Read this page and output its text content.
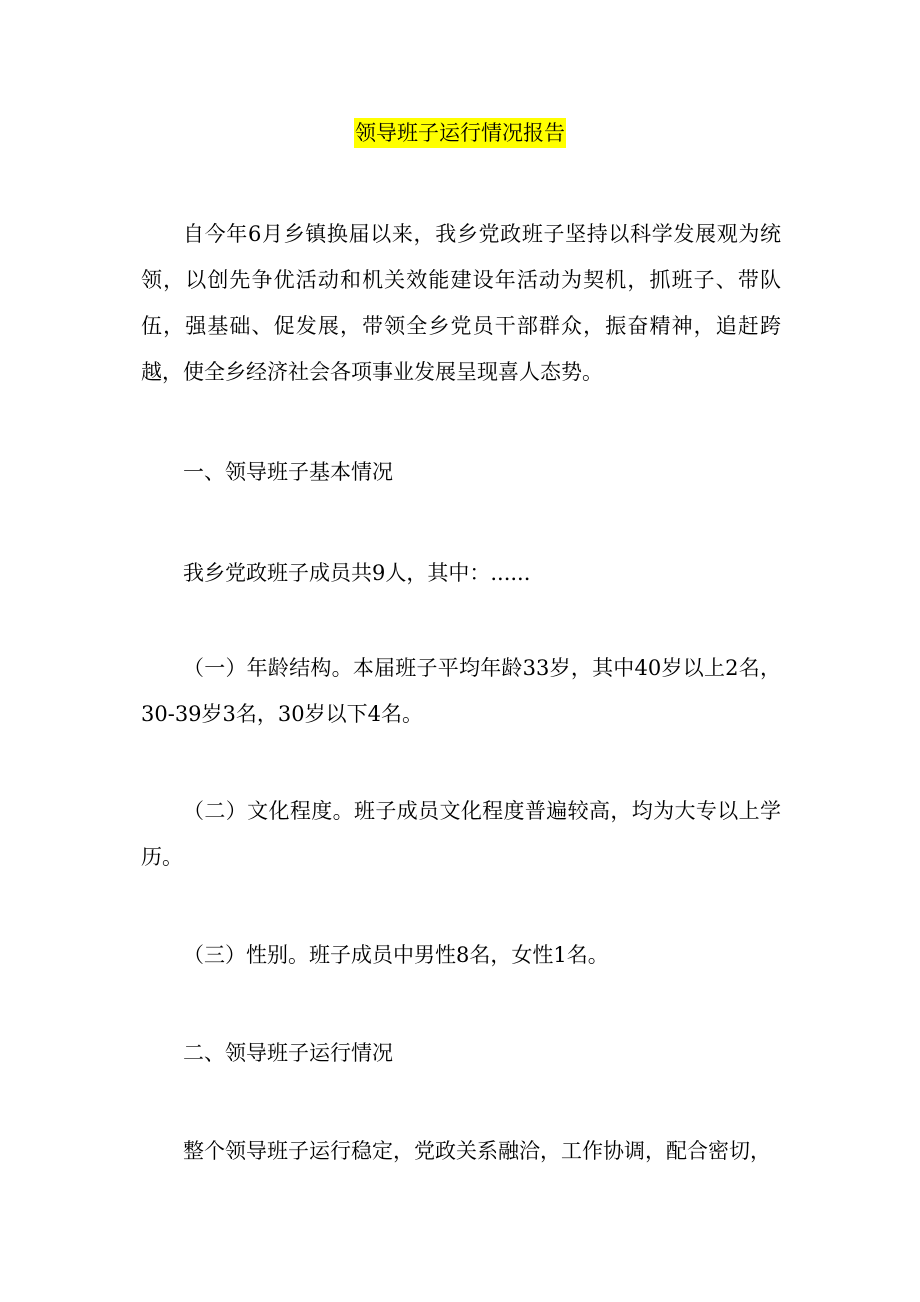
领导班子运行情况报告

自今年6月乡镇换届以来，我乡党政班子坚持以科学发展观为统领，以创先争优活动和机关效能建设年活动为契机，抓班子、带队伍，强基础、促发展，带领全乡党员干部群众，振奋精神，追赶跨越，使全乡经济社会各项事业发展呈现喜人态势。

一、领导班子基本情况

我乡党政班子成员共9人，其中：......

（一）年龄结构。本届班子平均年龄33岁，其中40岁以上2名，30-39岁3名，30岁以下4名。

（二）文化程度。班子成员文化程度普遍较高，均为大专以上学历。

（三）性别。班子成员中男性8名，女性1名。

二、领导班子运行情况

整个领导班子运行稳定，党政关系融洽，工作协调，配合密切，
